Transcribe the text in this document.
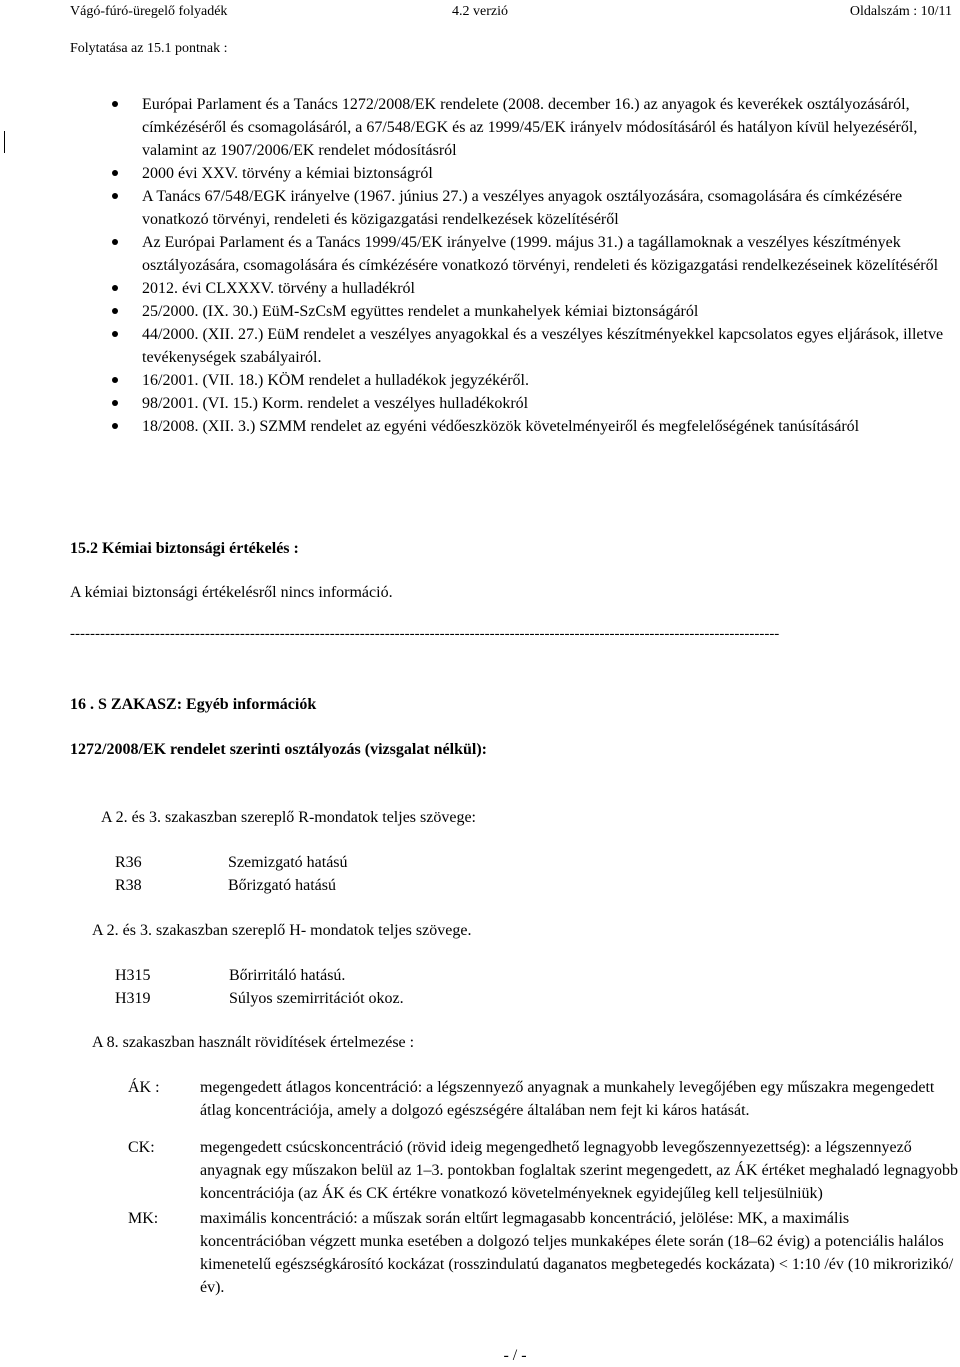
Vágó-fúró-üregelő folyadék	4.2 verzió	Oldalszám : 10/11
Folytatása az 15.1 pontnak :
Európai Parlament és a Tanács 1272/2008/EK rendelete (2008. december 16.) az anyagok és keverékek osztályozásáról, címkézéséről és csomagolásáról, a 67/548/EGK és az 1999/45/EK irányelv módosításáról és hatályon kívül helyezéséről, valamint az 1907/2006/EK rendelet módosításról
2000 évi XXV. törvény a kémiai biztonságról
A Tanács 67/548/EGK irányelve (1967. június 27.) a veszélyes anyagok osztályozására, csomagolására és címkézésére vonatkozó törvényi, rendeleti és közigazgatási rendelkezések közelítéséről
Az Európai Parlament és a Tanács 1999/45/EK irányelve (1999. május 31.) a tagállamoknak a veszélyes készítmények osztályozására, csomagolására és címkézésére vonatkozó törvényi, rendeleti és közigazgatási rendelkezéseinek közelítéséről
2012. évi CLXXXV. törvény a hulladékról
25/2000. (IX. 30.) EüM-SzCsM együttes rendelet a munkahelyek kémiai biztonságáról
44/2000. (XII. 27.) EüM rendelet a veszélyes anyagokkal és a veszélyes készítményekkel kapcsolatos egyes eljárások, illetve tevékenységek szabályairól.
16/2001. (VII. 18.) KÖM rendelet a hulladékok jegyzékéről.
98/2001. (VI. 15.) Korm. rendelet a veszélyes hulladékokról
18/2008. (XII. 3.) SZMM rendelet az egyéni védőeszközök követelményeiről és megfelelőségének tanúsításáról
15.2 Kémiai biztonsági értékelés :
A kémiai biztonsági értékelésről nincs információ.
----------------------------------------------------------------------------------------------------------------------------------------------
16 . S ZAKASZ: Egyéb információk
1272/2008/EK rendelet szerinti osztályozás (vizsgalat nélkül):
A 2. és 3. szakaszban szereplő R-mondatok teljes szövege:
R36	Szemizgató hatású
R38	Bőrizgató hatású
A 2. és 3. szakaszban szereplő H- mondatok teljes szövege.
H315	Bőrirritáló hatású.
H319	Súlyos szemirritációt okoz.
A 8. szakaszban használt rövidítések értelmezése :
ÁK :	megengedett átlagos koncentráció: a légszennyező anyagnak a munkahely levegőjében egy műszakra megengedett átlag koncentrációja, amely a dolgozó egészségére általában nem fejt ki káros hatását.
CK:	megengedett csúcskoncentráció (rövid ideig megengedhető legnagyobb levegőszennyezettség): a légszennyező anyagnak egy műszakon belül az 1–3. pontokban foglaltak szerint megengedett, az ÁK értéket meghaladó legnagyobb koncentrációja (az ÁK és CK értékre vonatkozó követelményeknek egyidejűleg kell teljesülniük)
MK:	maximális koncentráció: a műszak során eltűrt legmagasabb koncentráció, jelölése: MK, a maximális koncentrációban végzett munka esetében a dolgozó teljes munkaképes élete során (18–62 évig) a potenciális halálos kimenetelű egészségkárosító kockázat (rosszindulatú daganatos megbetegedés kockázata) < 1:10 /év (10 mikrorizikó/év).
- / -
